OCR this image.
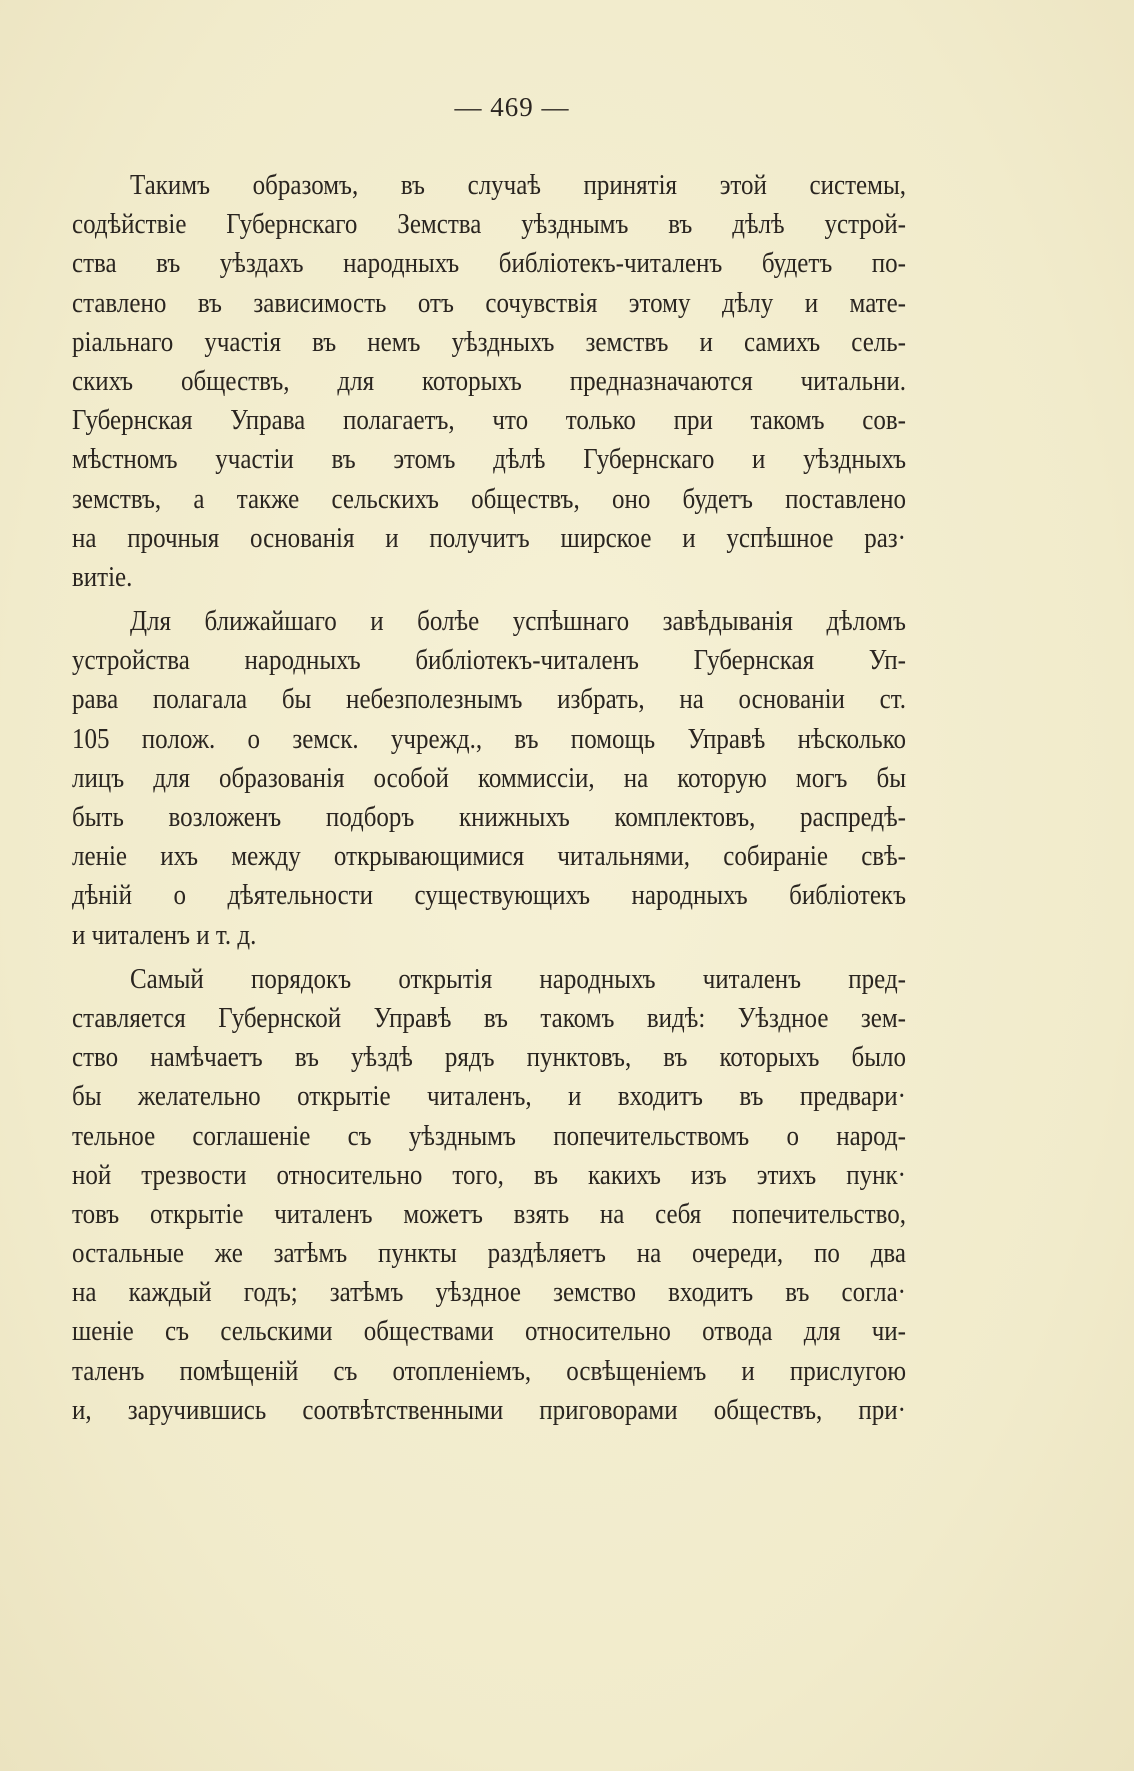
— 469 —
Такимъ образомъ, въ случаѣ принятія этой системы,
содѣйствіе Губернскаго Земства уѣзднымъ въ дѣлѣ устрой-
ства въ уѣздахъ народныхъ библіотекъ-читаленъ будетъ по-
ставлено въ зависимость отъ сочувствія этому дѣлу и мате-
ріальнаго участія въ немъ уѣздныхъ земствъ и самихъ сель-
скихъ обществъ, для которыхъ предназначаются читальни.
Губернская Управа полагаетъ, что только при такомъ сов-
мѣстномъ участіи въ этомъ дѣлѣ Губернскаго и уѣздныхъ
земствъ, а также сельскихъ обществъ, оно будетъ поставлено
на прочныя основанія и получитъ ширское и успѣшное раз·
витіе.
Для ближайшаго и болѣе успѣшнаго завѣдыванія дѣломъ
устройства народныхъ библіотекъ-читаленъ Губернская Уп-
рава полагала бы небезполезнымъ избрать, на основаніи ст.
105 полож. о земск. учрежд., въ помощь Управѣ нѣсколько
лицъ для образованія особой коммиссіи, на которую могъ бы
быть возложенъ подборъ книжныхъ комплектовъ, распредѣ-
леніе ихъ между открывающимися читальнями, собираніе свѣ-
дѣній о дѣятельности существующихъ народныхъ библіотекъ
и читаленъ и т. д.
Самый порядокъ открытія народныхъ читаленъ пред-
ставляется Губернской Управѣ въ такомъ видѣ: Уѣздное зем-
ство намѣчаетъ въ уѣздѣ рядъ пунктовъ, въ которыхъ было
бы желательно открытіе читаленъ, и входитъ въ предвари·
тельное соглашеніе съ уѣзднымъ попечительствомъ о народ-
ной трезвости относительно того, въ какихъ изъ этихъ пунк·
товъ открытіе читаленъ можетъ взять на себя попечительство,
остальные же затѣмъ пункты раздѣляетъ на очереди, по два
на каждый годъ; затѣмъ уѣздное земство входитъ въ согла·
шеніе съ сельскими обществами относительно отвода для чи-
таленъ помѣщеній съ отопленіемъ, освѣщеніемъ и прислугою
и, заручившись соотвѣтственными приговорами обществъ, при·
